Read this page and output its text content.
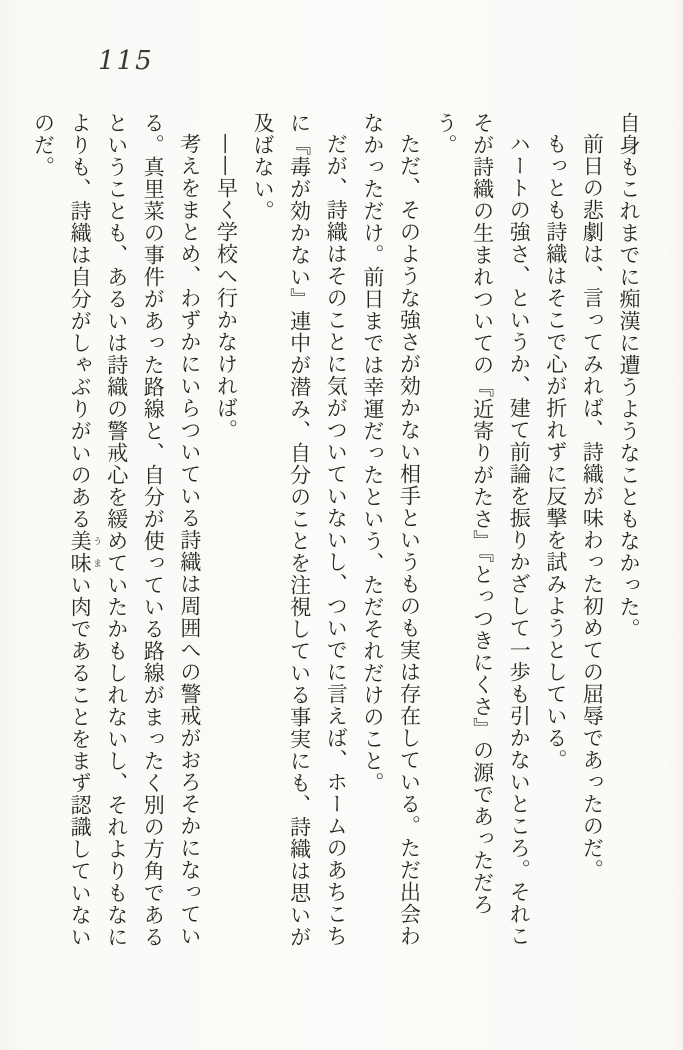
115

自身もこれまでに痴漢に遭うようなこともなかった。

前日の悲劇は、言ってみれば、詩織が味わった初めての屈辱であったのだ。

もっとも詩織はそこで心が折れずに反撃を試みようとしている。

ハートの強さ、というか、建て前論を振りかざして一歩も引かないところ。それこそが詩織の生まれついての『近寄りがたさ』『とっつきにくさ』の源であっただろう。

ただ、そのような強さが効かない相手というものも実は存在している。ただ出会わなかっただけ。前日までは幸運だったという、ただそれだけのこと。

だが、詩織はそのことに気がついていないし、ついでに言えば、ホームのあちこちに『毒が効かない』連中が潜み、自分のことを注視している事実にも、詩織は思いが及ばない。

——早く学校へ行かなければ。

考えをまとめ、わずかにいらついている詩織は周囲への警戒がおろそかになっている。真里菜の事件があった路線と、自分が使っている路線がまったく別の方角であるということも、あるいは詩織の警戒心を緩めていたかもしれないし、それよりもなによりも、詩織は自分がしゃぶりがいのある美味 うまい肉であることをまず認識していないのだ。
